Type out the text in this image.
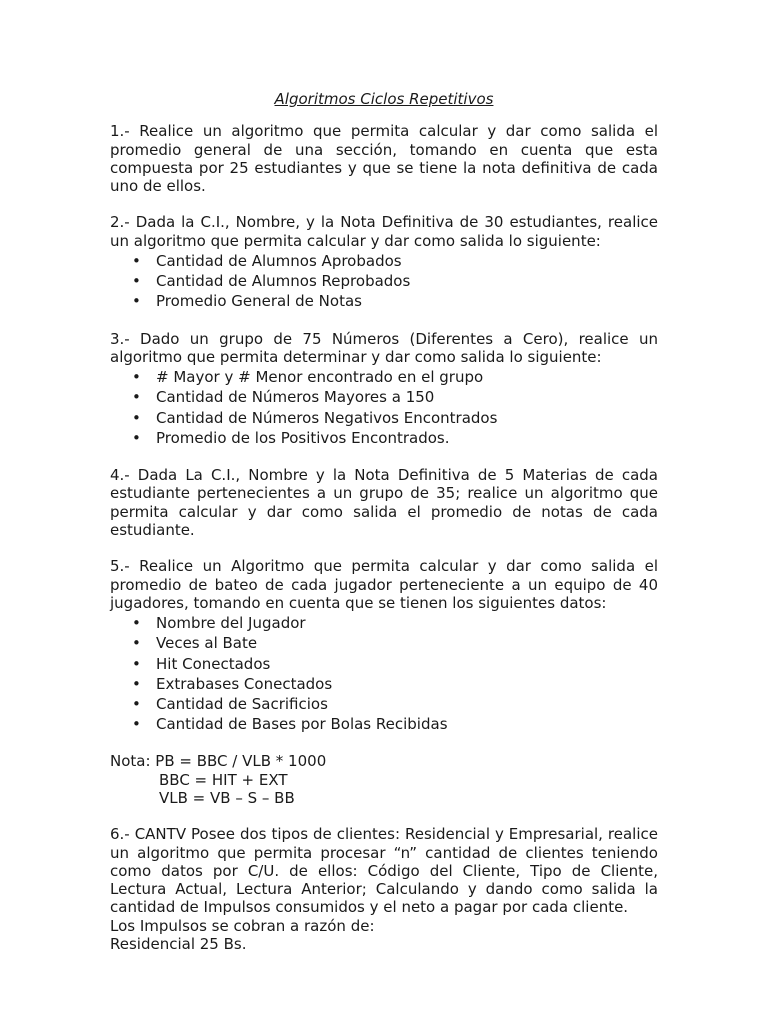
Algoritmos Ciclos Repetitivos

1.- Realice un algoritmo que permita calcular y dar como salida el promedio general de una sección, tomando en cuenta que esta compuesta por 25 estudiantes y que se tiene la nota definitiva de cada uno de ellos.

2.- Dada la C.I., Nombre, y la Nota Definitiva de 30 estudiantes, realice un algoritmo que permita calcular y dar como salida lo siguiente:

• Cantidad de Alumnos Aprobados
• Cantidad de Alumnos Reprobados
• Promedio General de Notas

3.- Dado un grupo de 75 Números (Diferentes a Cero), realice un algoritmo que permita determinar y dar como salida lo siguiente:

• # Mayor y # Menor encontrado en el grupo
• Cantidad de Números Mayores a 150
• Cantidad de Números Negativos Encontrados
• Promedio de los Positivos Encontrados.

4.- Dada La C.I., Nombre y la Nota Definitiva de 5 Materias de cada estudiante pertenecientes a un grupo de 35; realice un algoritmo que permita calcular y dar como salida el promedio de notas de cada estudiante.

5.- Realice un Algoritmo que permita calcular y dar como salida el promedio de bateo de cada jugador perteneciente a un equipo de 40 jugadores, tomando en cuenta que se tienen los siguientes datos:

• Nombre del Jugador
• Veces al Bate
• Hit Conectados
• Extrabases Conectados
• Cantidad de Sacrificios
• Cantidad de Bases por Bolas Recibidas

Nota: PB = BBC / VLB * 1000

BBC = HIT + EXT

VLB = VB – S – BB

6.- CANTV Posee dos tipos de clientes: Residencial y Empresarial, realice un algoritmo que permita procesar “n” cantidad de clientes teniendo como datos por C/U. de ellos: Código del Cliente, Tipo de Cliente, Lectura Actual, Lectura Anterior; Calculando y dando como salida la cantidad de Impulsos consumidos y el neto a pagar por cada cliente.

Los Impulsos se cobran a razón de:

Residencial 25 Bs.
